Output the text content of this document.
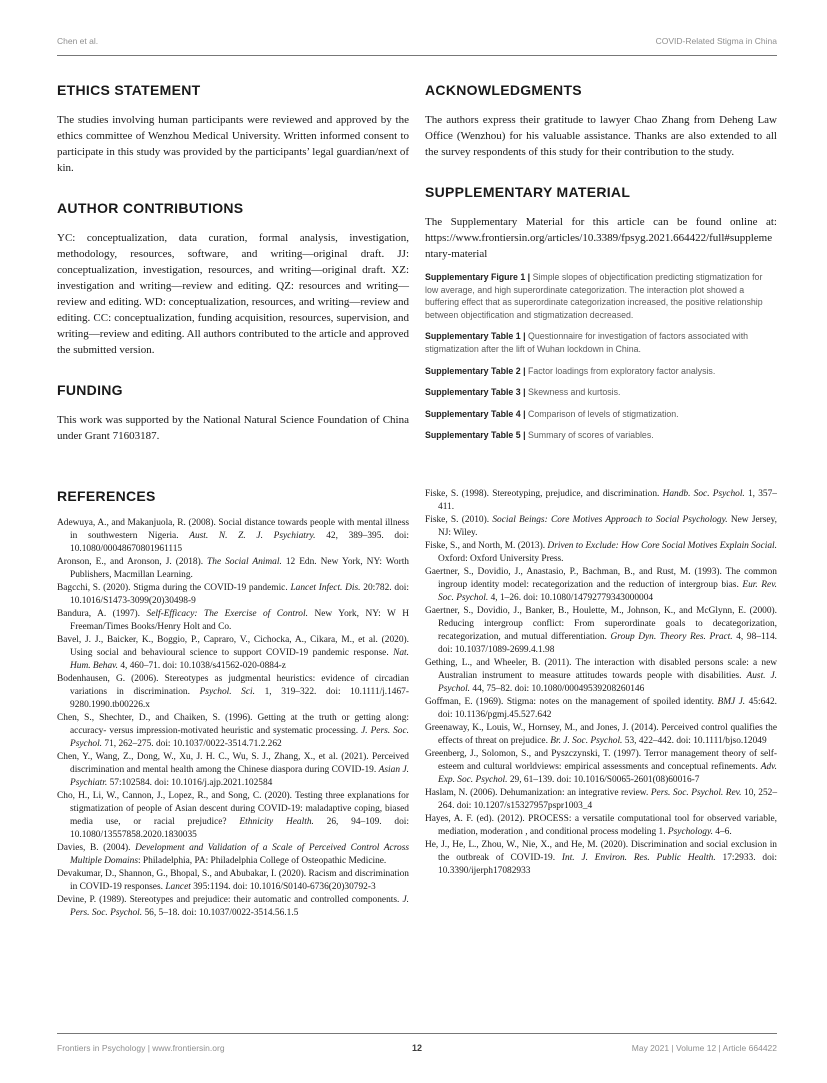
Chen et al.	COVID-Related Stigma in China
ETHICS STATEMENT

The studies involving human participants were reviewed and approved by the ethics committee of Wenzhou Medical University. Written informed consent to participate in this study was provided by the participants’ legal guardian/next of kin.

AUTHOR CONTRIBUTIONS

YC: conceptualization, data curation, formal analysis, investigation, methodology, resources, software, and writing—original draft. JJ: conceptualization, investigation, resources, and writing—original draft. XZ: investigation and writing—review and editing. QZ: resources and writing—review and editing. WD: conceptualization, resources, and writing—review and editing. CC: conceptualization, funding acquisition, resources, supervision, and writing—review and editing. All authors contributed to the article and approved the submitted version.

FUNDING

This work was supported by the National Natural Science Foundation of China under Grant 71603187.

ACKNOWLEDGMENTS

The authors express their gratitude to lawyer Chao Zhang from Deheng Law Office (Wenzhou) for his valuable assistance. Thanks are also extended to all the survey respondents of this study for their contribution to the study.

SUPPLEMENTARY MATERIAL

The Supplementary Material for this article can be found online at: https://www.frontiersin.org/articles/10.3389/fpsyg.2021.664422/full#supplementary-material

Supplementary Figure 1 | Simple slopes of objectification predicting stigmatization for low average, and high superordinate categorization. The interaction plot showed a buffering effect that as superordinate categorization increased, the positive relationship between objectification and stigmatization decreased.

Supplementary Table 1 | Questionnaire for investigation of factors associated with stigmatization after the lift of Wuhan lockdown in China.

Supplementary Table 2 | Factor loadings from exploratory factor analysis.

Supplementary Table 3 | Skewness and kurtosis.

Supplementary Table 4 | Comparison of levels of stigmatization.

Supplementary Table 5 | Summary of scores of variables.

REFERENCES

Adewuya, A., and Makanjuola, R. (2008). Social distance towards people with mental illness in southwestern Nigeria. Aust. N. Z. J. Psychiatry. 42, 389–395. doi: 10.1080/00048670801961115

Aronson, E., and Aronson, J. (2018). The Social Animal. 12 Edn. New York, NY: Worth Publishers, Macmillan Learning.

Bagcchi, S. (2020). Stigma during the COVID-19 pandemic. Lancet Infect. Dis. 20:782. doi: 10.1016/S1473-3099(20)30498-9

Bandura, A. (1997). Self-Efficacy: The Exercise of Control. New York, NY: W H Freeman/Times Books/Henry Holt and Co.

Bavel, J. J., Baicker, K., Boggio, P., Capraro, V., Cichocka, A., Cikara, M., et al. (2020). Using social and behavioural science to support COVID-19 pandemic response. Nat. Hum. Behav. 4, 460–71. doi: 10.1038/s41562-020-0884-z

Bodenhausen, G. (2006). Stereotypes as judgmental heuristics: evidence of circadian variations in discrimination. Psychol. Sci. 1, 319–322. doi: 10.1111/j.1467-9280.1990.tb00226.x

Chen, S., Shechter, D., and Chaiken, S. (1996). Getting at the truth or getting along: accuracy- versus impression-motivated heuristic and systematic processing. J. Pers. Soc. Psychol. 71, 262–275. doi: 10.1037/0022-3514.71.2.262

Chen, Y., Wang, Z., Dong, W., Xu, J. H. C., Wu, S. J., Zhang, X., et al. (2021). Perceived discrimination and mental health among the Chinese diaspora during COVID-19. Asian J. Psychiatr. 57:102584. doi: 10.1016/j.ajp.2021.102584

Cho, H., Li, W., Cannon, J., Lopez, R., and Song, C. (2020). Testing three explanations for stigmatization of people of Asian descent during COVID-19: maladaptive coping, biased media use, or racial prejudice? Ethnicity Health. 26, 94–109. doi: 10.1080/13557858.2020.1830035

Davies, B. (2004). Development and Validation of a Scale of Perceived Control Across Multiple Domains: Philadelphia, PA: Philadelphia College of Osteopathic Medicine.

Devakumar, D., Shannon, G., Bhopal, S., and Abubakar, I. (2020). Racism and discrimination in COVID-19 responses. Lancet 395:1194. doi: 10.1016/S0140-6736(20)30792-3

Devine, P. (1989). Stereotypes and prejudice: their automatic and controlled components. J. Pers. Soc. Psychol. 56, 5–18. doi: 10.1037/0022-3514.56.1.5

Fiske, S. (1998). Stereotyping, prejudice, and discrimination. Handb. Soc. Psychol. 1, 357–411.

Fiske, S. (2010). Social Beings: Core Motives Approach to Social Psychology. New Jersey, NJ: Wiley.

Fiske, S., and North, M. (2013). Driven to Exclude: How Core Social Motives Explain Social. Oxford: Oxford University Press.

Gaertner, S., Dovidio, J., Anastasio, P., Bachman, B., and Rust, M. (1993). The common ingroup identity model: recategorization and the reduction of intergroup bias. Eur. Rev. Soc. Psychol. 4, 1–26. doi: 10.1080/14792779343000004

Gaertner, S., Dovidio, J., Banker, B., Houlette, M., Johnson, K., and McGlynn, E. (2000). Reducing intergroup conflict: From superordinate goals to decategorization, recategorization, and mutual differentiation. Group Dyn. Theory Res. Pract. 4, 98–114. doi: 10.1037/1089-2699.4.1.98

Gething, L., and Wheeler, B. (2011). The interaction with disabled persons scale: a new Australian instrument to measure attitudes towards people with disabilities. Aust. J. Psychol. 44, 75–82. doi: 10.1080/00049539208260146

Goffman, E. (1969). Stigma: notes on the management of spoiled identity. BMJ J. 45:642. doi: 10.1136/pgmj.45.527.642

Greenaway, K., Louis, W., Hornsey, M., and Jones, J. (2014). Perceived control qualifies the effects of threat on prejudice. Br. J. Soc. Psychol. 53, 422–442. doi: 10.1111/bjso.12049

Greenberg, J., Solomon, S., and Pyszczynski, T. (1997). Terror management theory of self-esteem and cultural worldviews: empirical assessments and conceptual refinements. Adv. Exp. Soc. Psychol. 29, 61–139. doi: 10.1016/S0065-2601(08)60016-7

Haslam, N. (2006). Dehumanization: an integrative review. Pers. Soc. Psychol. Rev. 10, 252–264. doi: 10.1207/s15327957pspr1003_4

Hayes, A. F. (ed). (2012). PROCESS: a versatile computational tool for observed variable, mediation, moderation , and conditional process modeling 1. Psychology. 4–6.

He, J., He, L., Zhou, W., Nie, X., and He, M. (2020). Discrimination and social exclusion in the outbreak of COVID-19. Int. J. Environ. Res. Public Health. 17:2933. doi: 10.3390/ijerph17082933

Frontiers in Psychology | www.frontiersin.org	12	May 2021 | Volume 12 | Article 664422
